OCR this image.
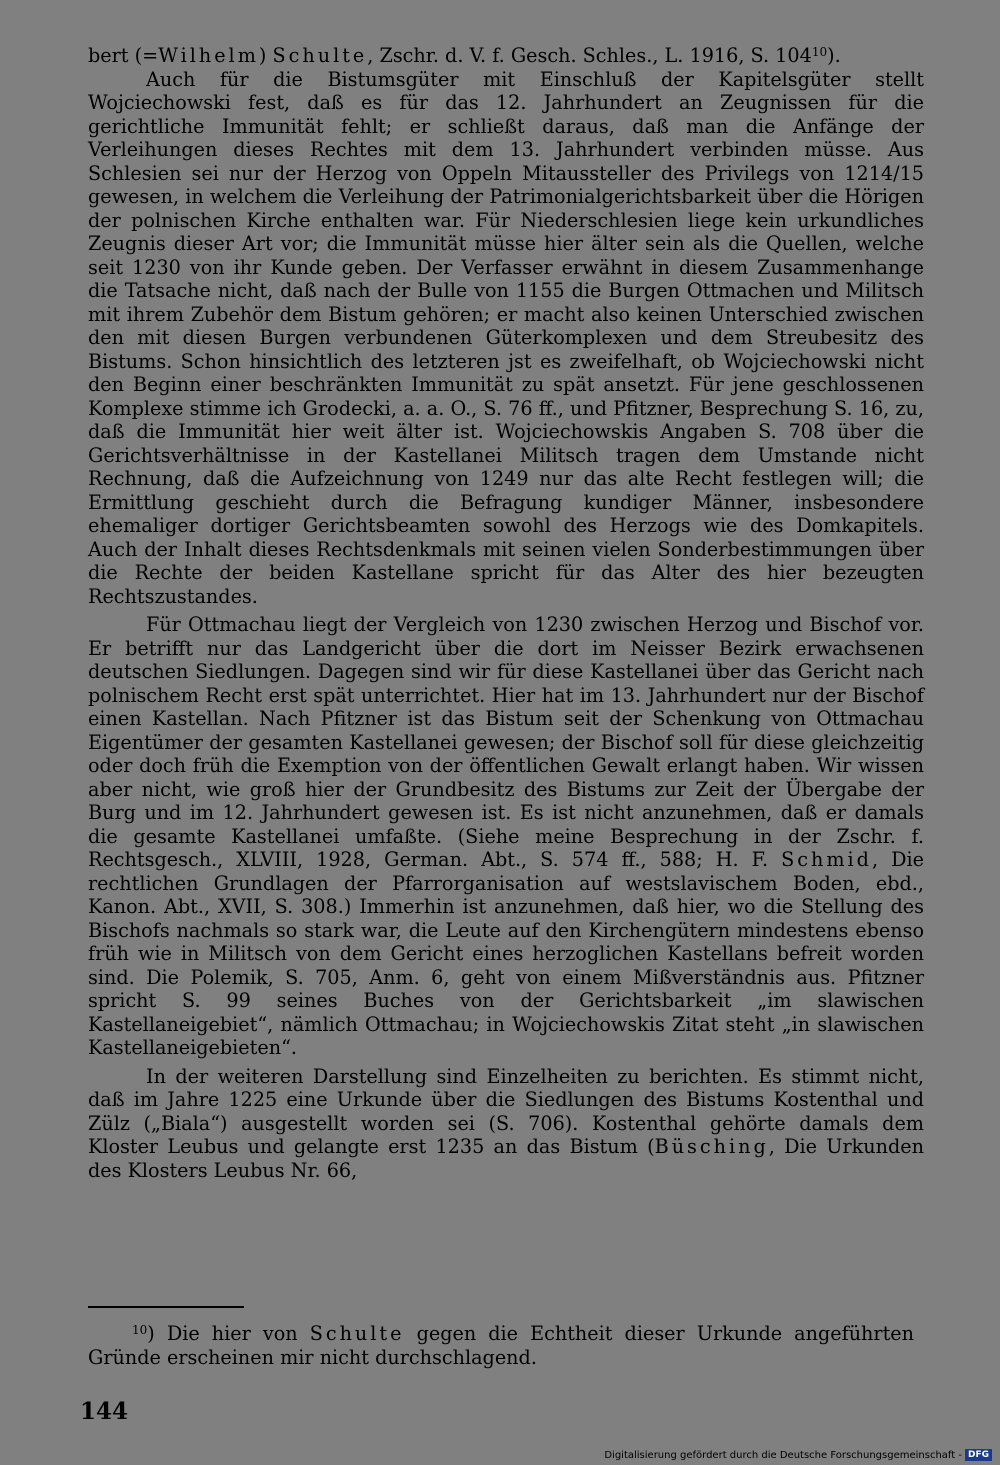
bert (=Wilhelm) Schulte, Zschr. d. V. f. Gesch. Schles., L. 1916, S. $104^{10}$).

Auch für die Bistumsgüter mit Einschluß der Kapitelsgüter stellt Wojciechowski fest, daß es für das 12. Jahrhundert an Zeugnissen für die gerichtliche Immunität fehlt; er schließt daraus, daß man die Anfänge der Verleihungen dieses Rechtes mit dem 13. Jahrhundert verbinden müsse. Aus Schlesien sei nur der Herzog von Oppeln Mitaussteller des Privilegs von 1214/15 gewesen, in welchem die Verleihung der Patrimonialgerichtsbarkeit über die Hörigen der polnischen Kirche enthalten war. Für Niederschlesien liege kein urkundliches Zeugnis dieser Art vor; die Immunität müsse hier älter sein als die Quellen, welche seit 1230 von ihr Kunde geben. Der Verfasser erwähnt in diesem Zusammenhange die Tatsache nicht, daß nach der Bulle von 1155 die Burgen Ottmachen und Militsch mit ihrem Zubehör dem Bistum gehören; er macht also keinen Unterschied zwischen den mit diesen Burgen verbundenen Güterkomplexen und dem Streubesitz des Bistums. Schon hinsichtlich des letzteren jst es zweifelhaft, ob Wojciechowski nicht den Beginn einer beschränkten Immunität zu spät ansetzt. Für jene geschlossenen Komplexe stimme ich Grodecki, a. a. O., S. 76 ff., und Pfitzner, Besprechung S. 16, zu, daß die Immunität hier weit älter ist. Wojciechowskis Angaben S. 708 über die Gerichtsverhältnisse in der Kastellanei Militsch tragen dem Umstande nicht Rechnung, daß die Aufzeichnung von 1249 nur das alte Recht festlegen will; die Ermittlung geschieht durch die Befragung kundiger Männer, insbesondere ehemaliger dortiger Gerichtsbeamten sowohl des Herzogs wie des Domkapitels. Auch der Inhalt dieses Rechtsdenkmals mit seinen vielen Sonderbestimmungen über die Rechte der beiden Kastellane spricht für das Alter des hier bezeugten Rechtszustandes.

Für Ottmachau liegt der Vergleich von 1230 zwischen Herzog und Bischof vor. Er betrifft nur das Landgericht über die dort im Neisser Bezirk erwachsenen deutschen Siedlungen. Dagegen sind wir für diese Kastellanei über das Gericht nach polnischem Recht erst spät unterrichtet. Hier hat im 13. Jahrhundert nur der Bischof einen Kastellan. Nach Pfitzner ist das Bistum seit der Schenkung von Ottmachau Eigentümer der gesamten Kastellanei gewesen; der Bischof soll für diese gleichzeitig oder doch früh die Exemption von der öffentlichen Gewalt erlangt haben. Wir wissen aber nicht, wie groß hier der Grundbesitz des Bistums zur Zeit der Übergabe der Burg und im 12. Jahrhundert gewesen ist. Es ist nicht anzunehmen, daß er damals die gesamte Kastellanei umfaßte. (Siehe meine Besprechung in der Zschr. f. Rechtsgesch., XLVIII, 1928, German. Abt., S. 574 ff., 588; H. F. Schmid, Die rechtlichen Grundlagen der Pfarrorganisation auf westslavischem Boden, ebd., Kanon. Abt., XVII, S. 308.) Immerhin ist anzunehmen, daß hier, wo die Stellung des Bischofs nachmals so stark war, die Leute auf den Kirchengütern mindestens ebenso früh wie in Militsch von dem Gericht eines herzoglichen Kastellans befreit worden sind. Die Polemik, S. 705, Anm. 6, geht von einem Mißverständnis aus. Pfitzner spricht S. 99 seines Buches von der Gerichtsbarkeit „im slawischen Kastellaneigebiet“, nämlich Ottmachau; in Wojciechowskis Zitat steht „in slawischen Kastellaneigebieten“.

In der weiteren Darstellung sind Einzelheiten zu berichten. Es stimmt nicht, daß im Jahre 1225 eine Urkunde über die Siedlungen des Bistums Kostenthal und Zülz („Biala“) ausgestellt worden sei (S. 706). Kostenthal gehörte damals dem Kloster Leubus und gelangte erst 1235 an das Bistum (Büsching, Die Urkunden des Klosters Leubus Nr. 66,

$^{10}$) Die hier von Schulte gegen die Echtheit dieser Urkunde angeführten Gründe erscheinen mir nicht durchschlagend.

144
Digitalisierung gefördert durch die Deutsche Forschungsgemeinschaft - DFG
